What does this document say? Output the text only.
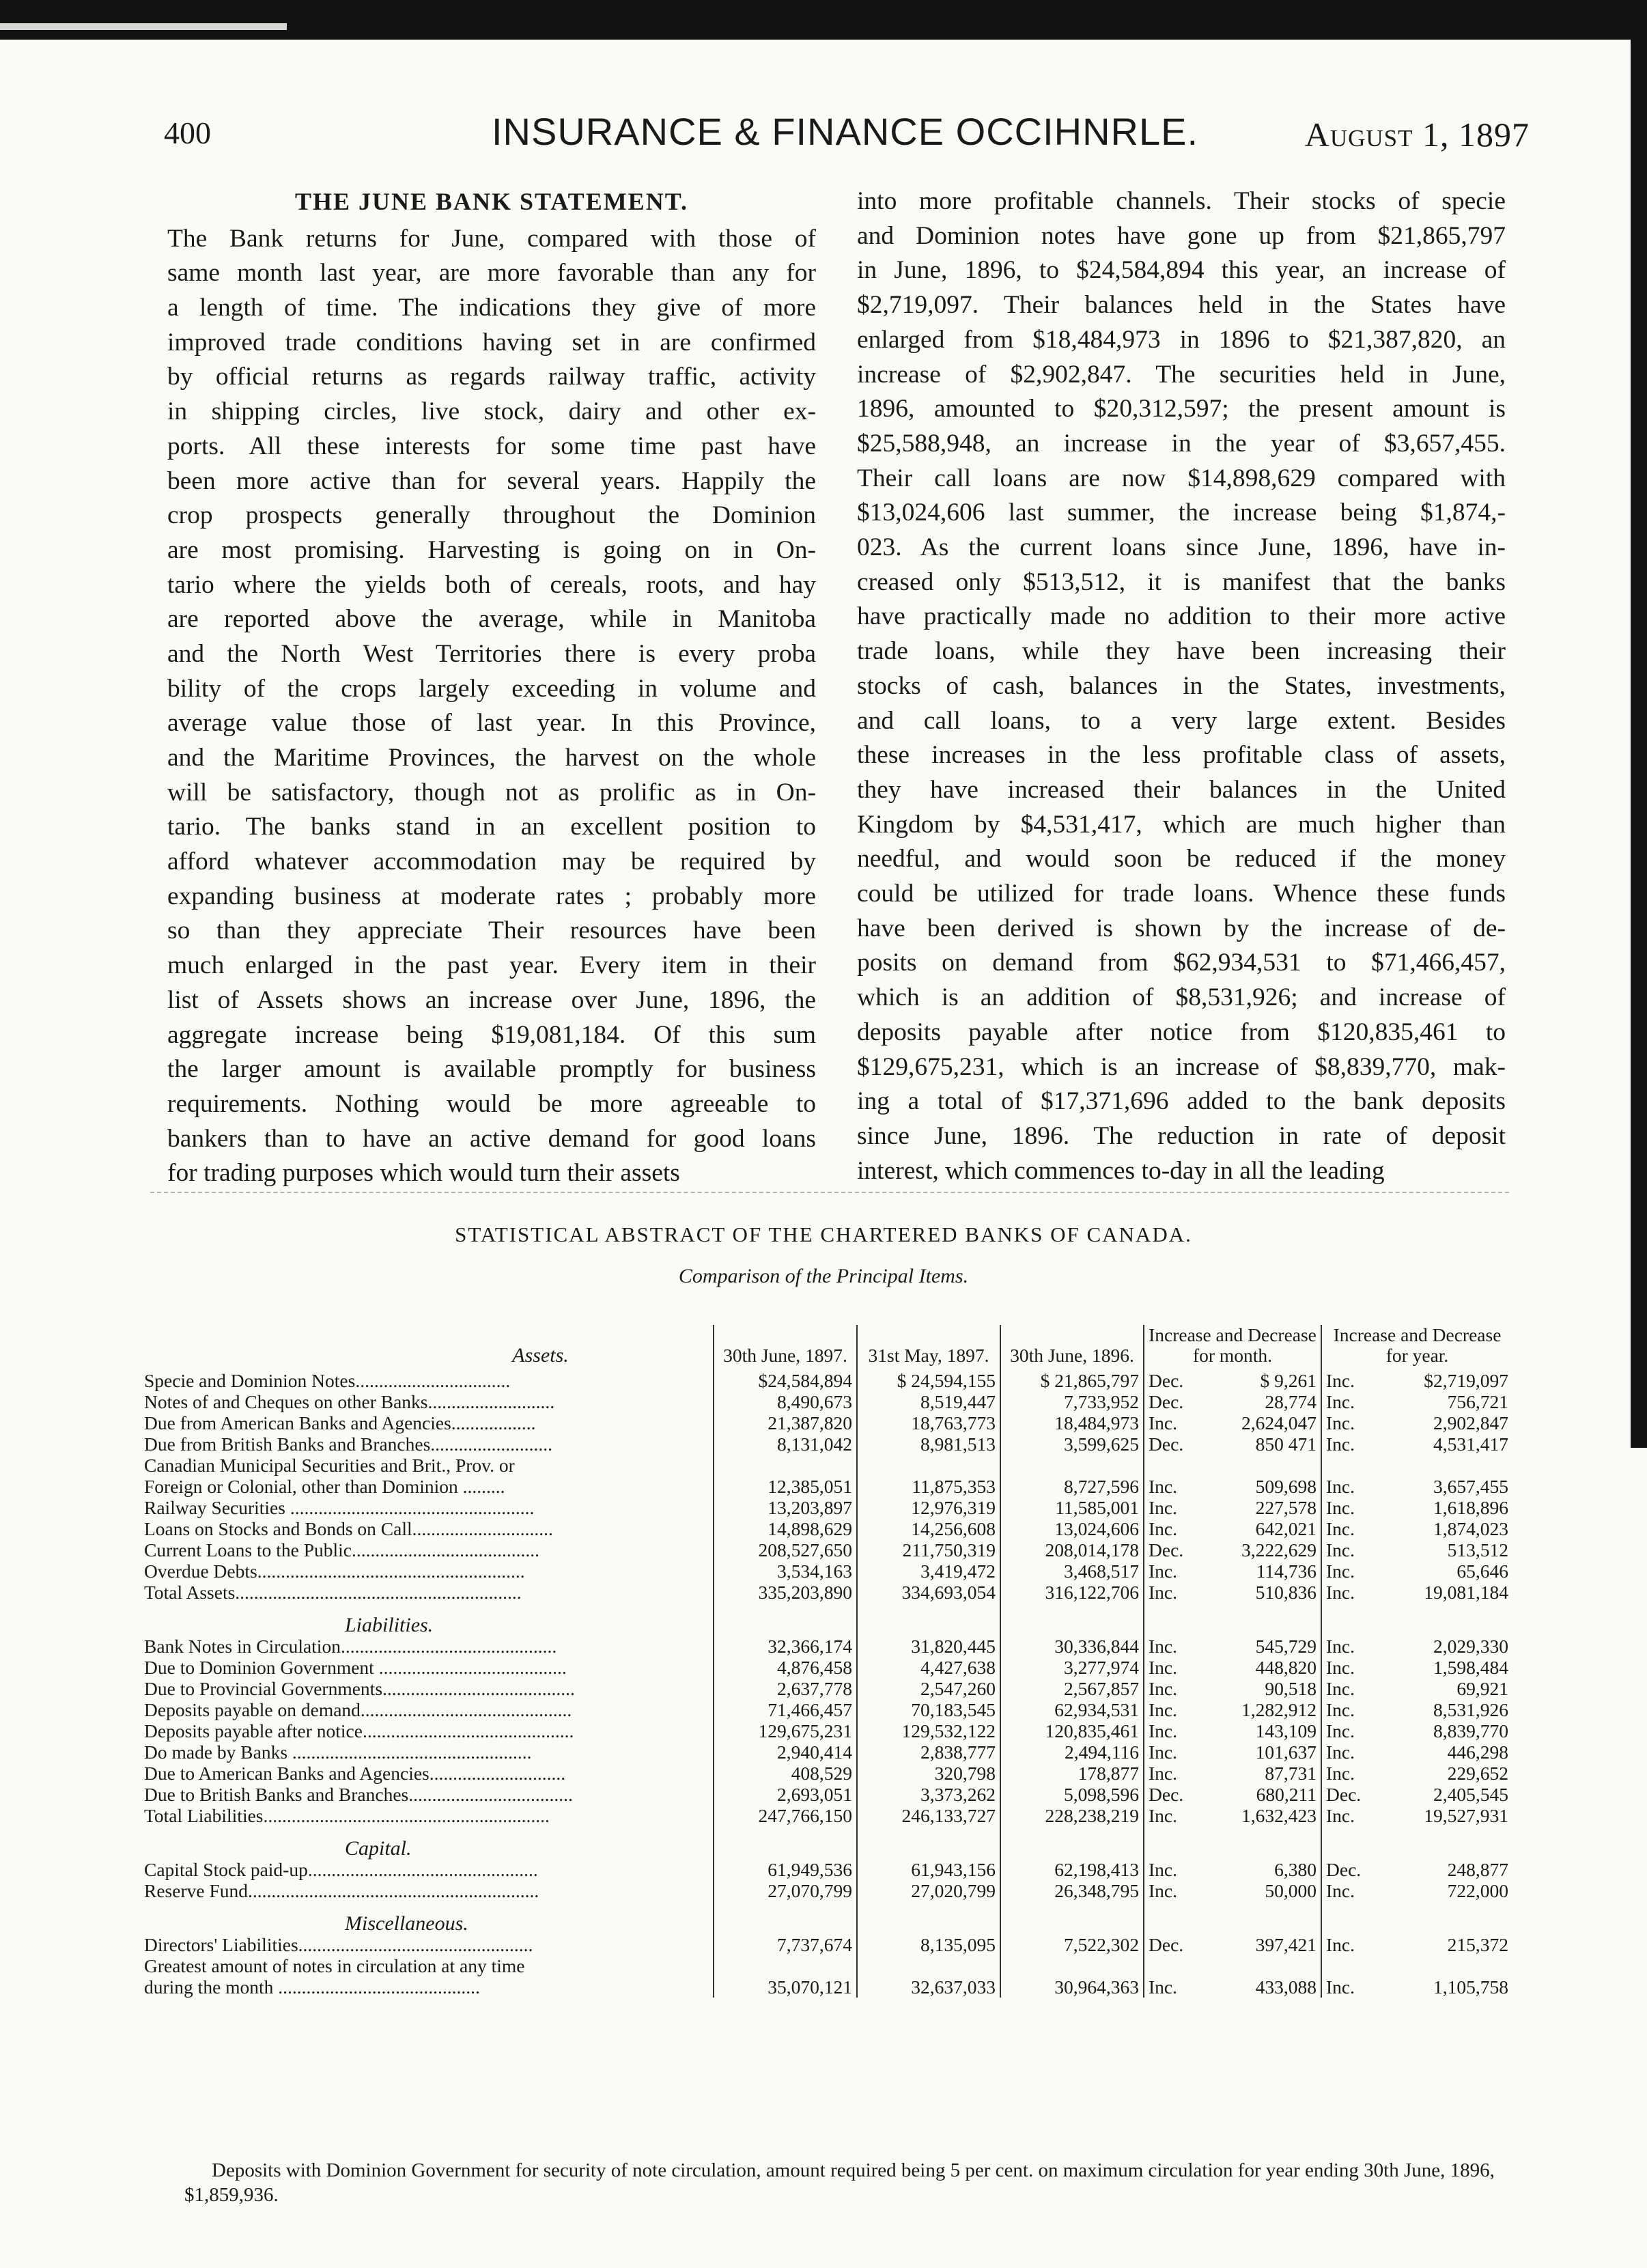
400	INSURANCE & FINANCE OCCIHNRLE.	August 1, 1897
THE JUNE BANK STATEMENT.
The Bank returns for June, compared with those of
same month last year, are more favorable than any for
a length of time. The indications they give of more
improved trade conditions having set in are confirmed
by official returns as regards railway traffic, activity
in shipping circles, live stock, dairy and other ex-
ports. All these interests for some time past have
been more active than for several years. Happily the
crop prospects generally throughout the Dominion
are most promising. Harvesting is going on in On-
tario where the yields both of cereals, roots, and hay
are reported above the average, while in Manitoba
and the North West Territories there is every proba
bility of the crops largely exceeding in volume and
average value those of last year. In this Province,
and the Maritime Provinces, the harvest on the whole
will be satisfactory, though not as prolific as in On-
tario. The banks stand in an excellent position to
afford whatever accommodation may be required by
expanding business at moderate rates ; probably more
so than they appreciate Their resources have been
much enlarged in the past year. Every item in their
list of Assets shows an increase over June, 1896, the
aggregate increase being $19,081,184. Of this sum
the larger amount is available promptly for business
requirements. Nothing would be more agreeable to
bankers than to have an active demand for good loans
for trading purposes which would turn their assets
into more profitable channels. Their stocks of specie
and Dominion notes have gone up from $21,865,797
in June, 1896, to $24,584,894 this year, an increase of
$2,719,097. Their balances held in the States have
enlarged from $18,484,973 in 1896 to $21,387,820, an
increase of $2,902,847. The securities held in June,
1896, amounted to $20,312,597; the present amount is
$25,588,948, an increase in the year of $3,657,455.
Their call loans are now $14,898,629 compared with
$13,024,606 last summer, the increase being $1,874,-
023. As the current loans since June, 1896, have in-
creased only $513,512, it is manifest that the banks
have practically made no addition to their more active
trade loans, while they have been increasing their
stocks of cash, balances in the States, investments,
and call loans, to a very large extent. Besides
these increases in the less profitable class of assets,
they have increased their balances in the United
Kingdom by $4,531,417, which are much higher than
needful, and would soon be reduced if the money
could be utilized for trade loans. Whence these funds
have been derived is shown by the increase of de-
posits on demand from $62,934,531 to $71,466,457,
which is an addition of $8,531,926; and increase of
deposits payable after notice from $120,835,461 to
$129,675,231, which is an increase of $8,839,770, mak-
ing a total of $17,371,696 added to the bank deposits
since June, 1896. The reduction in rate of deposit
interest, which commences to-day in all the leading
STATISTICAL ABSTRACT OF THE CHARTERED BANKS OF CANADA.
Comparison of the Principal Items.
Assets.	30th June, 1897.	31st May, 1897.	30th June, 1896.	Increase and Decrease for month.		Increase and Decrease for year.	
Specie and Dominion Notes.................................	$24,584,894	$ 24,594,155	$ 21,865,797	Dec.	$ 9,261	Inc.	$2,719,097
Notes of and Cheques on other Banks...........................	8,490,673	8,519,447	7,733,952	Dec.	28,774	Inc.	756,721
Due from American Banks and Agencies..................	21,387,820	18,763,773	18,484,973	Inc.	2,624,047	Inc.	2,902,847
Due from British Banks and Branches..........................	8,131,042	8,981,513	3,599,625	Dec.	850 471	Inc.	4,531,417
Canadian Municipal Securities and Brit., Prov. or							
Foreign or Colonial, other than Dominion .........	12,385,051	11,875,353	8,727,596	Inc.	509,698	Inc.	3,657,455
Railway Securities ....................................................	13,203,897	12,976,319	11,585,001	Inc.	227,578	Inc.	1,618,896
Loans on Stocks and Bonds on Call..............................	14,898,629	14,256,608	13,024,606	Inc.	642,021	Inc.	1,874,023
Current Loans to the Public........................................	208,527,650	211,750,319	208,014,178	Dec.	3,222,629	Inc.	513,512
Overdue Debts.........................................................	3,534,163	3,419,472	3,468,517	Inc.	114,736	Inc.	65,646
Total Assets.............................................................	335,203,890	334,693,054	316,122,706	Inc.	510,836	Inc.	19,081,184
Liabilities.							
Bank Notes in Circulation..............................................	32,366,174	31,820,445	30,336,844	Inc.	545,729	Inc.	2,029,330
Due to Dominion Government ........................................	4,876,458	4,427,638	3,277,974	Inc.	448,820	Inc.	1,598,484
Due to Provincial Governments.........................................	2,637,778	2,547,260	2,567,857	Inc.	90,518	Inc.	69,921
Deposits payable on demand.............................................	71,466,457	70,183,545	62,934,531	Inc.	1,282,912	Inc.	8,531,926
Deposits payable after notice.............................................	129,675,231	129,532,122	120,835,461	Inc.	143,109	Inc.	8,839,770
Do made by Banks ...................................................	2,940,414	2,838,777	2,494,116	Inc.	101,637	Inc.	446,298
Due to American Banks and Agencies.............................	408,529	320,798	178,877	Inc.	87,731	Inc.	229,652
Due to British Banks and Branches...................................	2,693,051	3,373,262	5,098,596	Dec.	680,211	Dec.	2,405,545
Total Liabilities.............................................................	247,766,150	246,133,727	228,238,219	Inc.	1,632,423	Inc.	19,527,931
Capital.							
Capital Stock paid-up.................................................	61,949,536	61,943,156	62,198,413	Inc.	6,380	Dec.	248,877
Reserve Fund..............................................................	27,070,799	27,020,799	26,348,795	Inc.	50,000	Inc.	722,000
Miscellaneous.							
Directors' Liabilities..................................................	7,737,674	8,135,095	7,522,302	Dec.	397,421	Inc.	215,372
Greatest amount of notes in circulation at any time							
during the month ...........................................	35,070,121	32,637,033	30,964,363	Inc.	433,088	Inc.	1,105,758
Deposits with Dominion Government for security of note circulation, amount required being 5 per cent. on maximum circulation for year ending 30th June, 1896, $1,859,936.
